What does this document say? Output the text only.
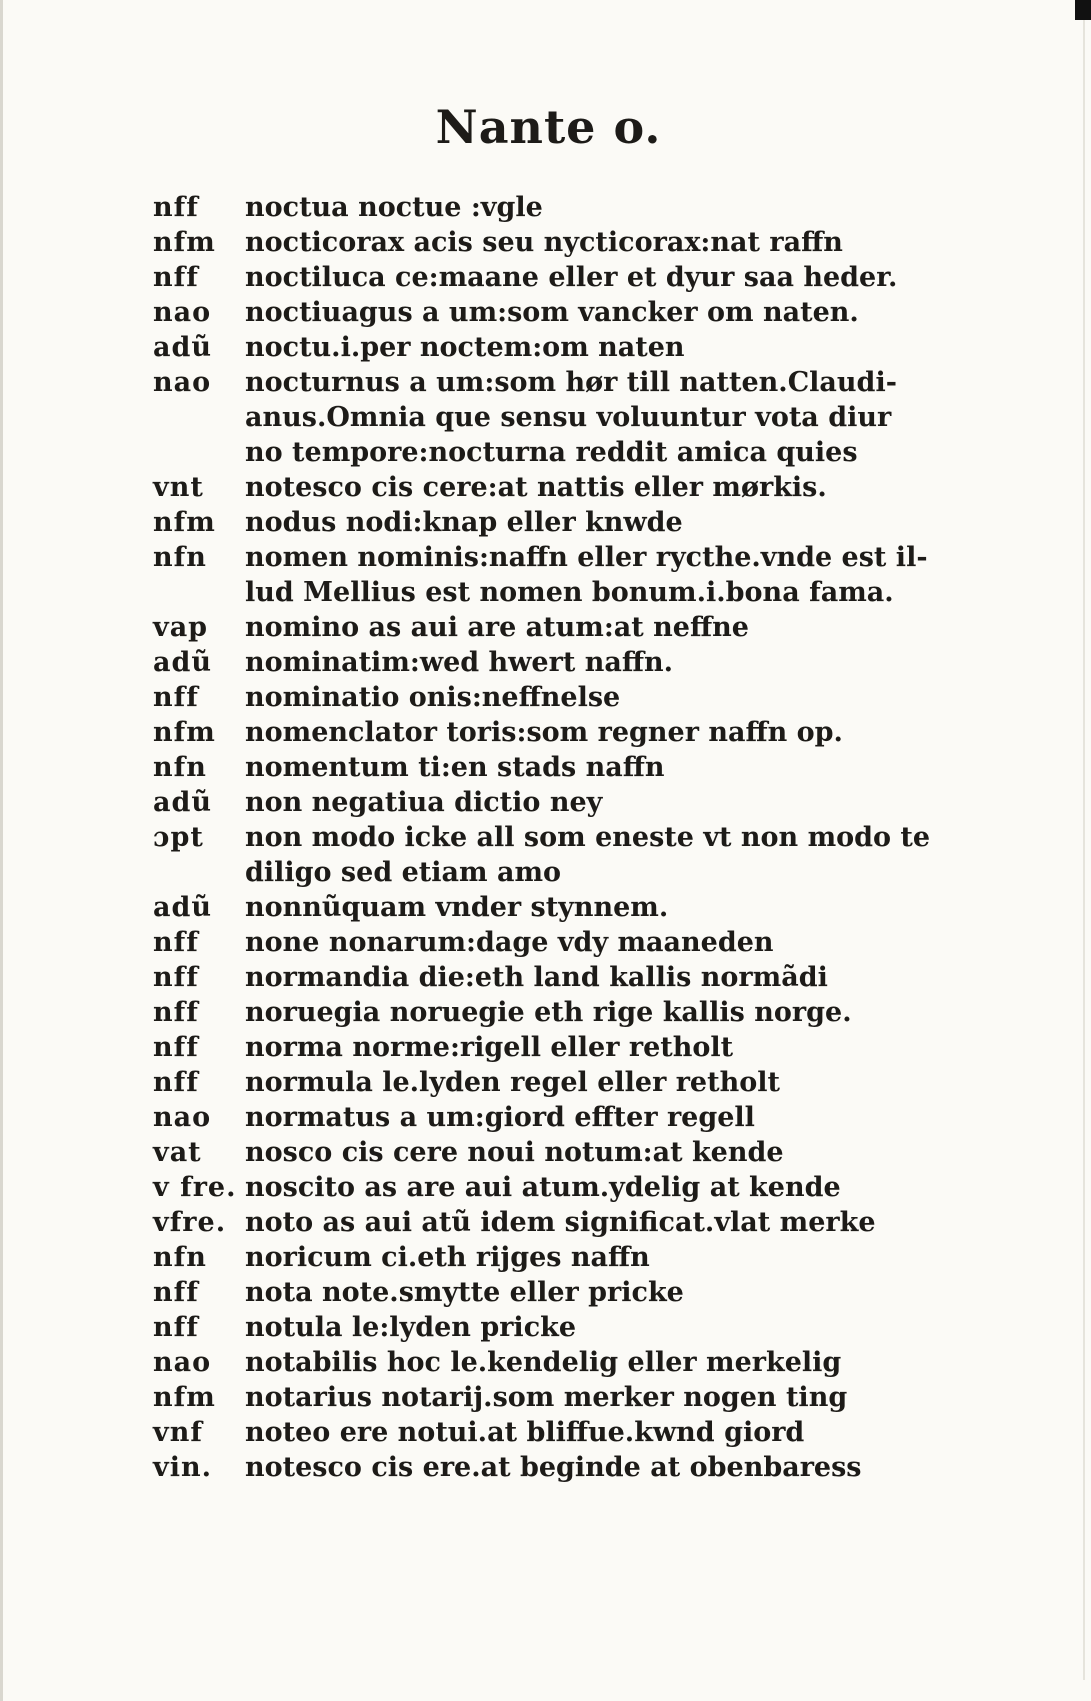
Nante o.
nff	noctua noctue :vgle
nfm	nocticorax acis seu nycticorax:nat raffn
nff	noctiluca ce:maane eller et dyur saa heder.
nao	noctiuagus a um:som vancker om naten.
adũ	noctu.i.per noctem:om naten
nao	nocturnus a um:som hør till natten.Claudi-
anus.Omnia que sensu voluuntur vota diur
no tempore:nocturna reddit amica quies
vnt	notesco cis cere:at nattis eller mørkis.
nfm	nodus nodi:knap eller knwde
nfn	nomen nominis:naffn eller rycthe.vnde est il-
lud Mellius est nomen bonum.i.bona fama.
vap	nomino as aui are atum:at neffne
adũ	nominatim:wed hwert naffn.
nff	nominatio onis:neffnelse
nfm	nomenclator toris:som regner naffn op.
nfn	nomentum ti:en stads naffn
adũ	non negatiua dictio ney
ɔpt	non modo icke all som eneste vt non modo te
diligo sed etiam amo
adũ	nonnũquam vnder stynnem.
nff	none nonarum:dage vdy maaneden
nff	normandia die:eth land kallis normãdi
nff	noruegia noruegie eth rige kallis norge.
nff	norma norme:rigell eller retholt
nff	normula le.lyden regel eller retholt
nao	normatus a um:giord effter regell
vat	nosco cis cere noui notum:at kende
v fre. noscito as are aui atum.ydelig at kende
vfre. noto as aui atũ idem significat.vlat merke
nfn	noricum ci.eth rijges naffn
nff	nota note.smytte eller pricke
nff	notula le:lyden pricke
nao	notabilis hoc le.kendelig eller merkelig
nfm	notarius notarij.som merker nogen ting
vnf	noteo ere notui.at bliffue.kwnd giord
vin.	notesco cis ere.at beginde at obenbaress
